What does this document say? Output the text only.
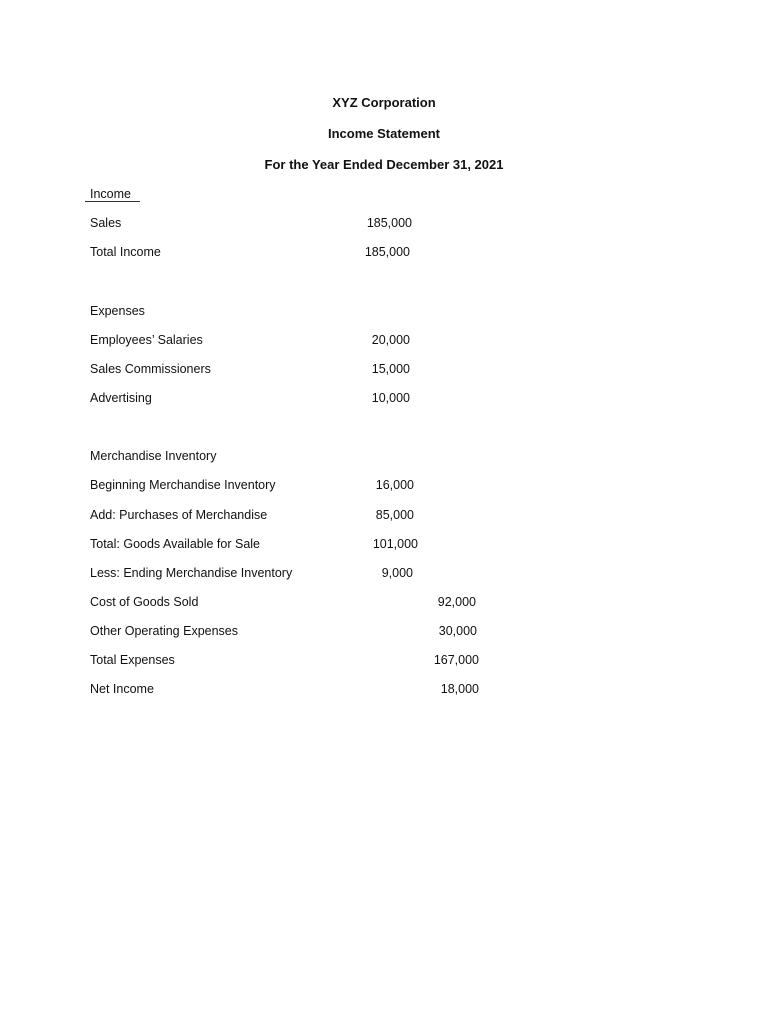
XYZ Corporation
Income Statement
For the Year Ended December 31, 2021
Income
Sales	185,000
Total Income	185,000
Expenses
Employees’ Salaries	20,000
Sales Commissioners	15,000
Advertising	10,000
Merchandise Inventory
Beginning Merchandise Inventory	16,000
Add: Purchases of Merchandise	85,000
Total: Goods Available for Sale	101,000
Less: Ending Merchandise Inventory	9,000
Cost of Goods Sold	92,000
Other Operating Expenses	30,000
Total Expenses	167,000
Net Income	18,000
